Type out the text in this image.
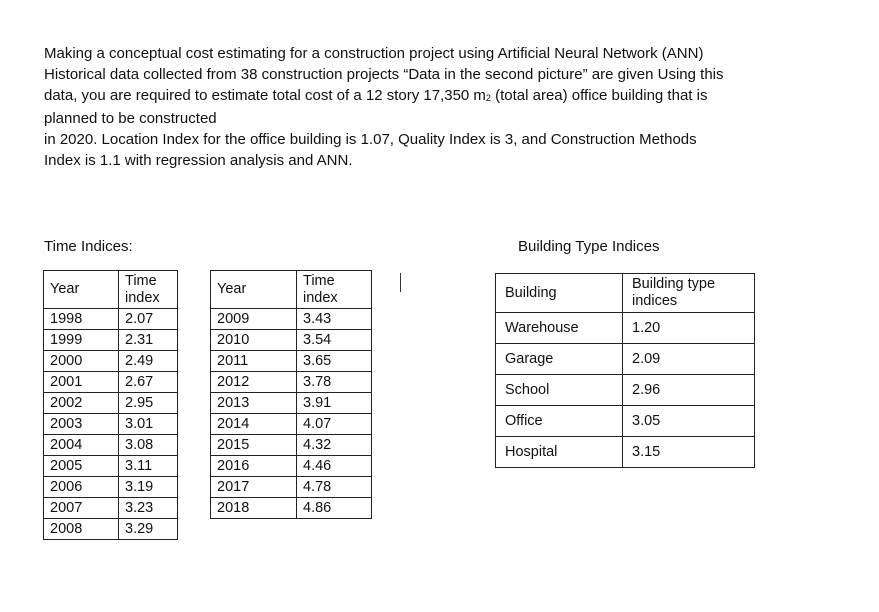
Making a conceptual cost estimating for a construction project using Artificial Neural Network (ANN)
Historical data collected from 38 construction projects “Data in the second picture” are given Using this
data, you are required to estimate total cost of a 12 story 17,350 $m_2$ (total area) office building that is
planned to be constructed
in 2020. Location Index for the office building is 1.07, Quality Index is 3, and Construction Methods
Index is 1.1 with regression analysis and ANN.
Time Indices:	Building Type Indices
Year	Time index
1998	2.07
1999	2.31
2000	2.49
2001	2.67
2002	2.95
2003	3.01
2004	3.08
2005	3.11
2006	3.19
2007	3.23
2008	3.29
Year	Time index
2009	3.43
2010	3.54
2011	3.65
2012	3.78
2013	3.91
2014	4.07
2015	4.32
2016	4.46
2017	4.78
2018	4.86
Building	Building type indices
Warehouse	1.20
Garage	2.09
School	2.96
Office	3.05
Hospital	3.15
